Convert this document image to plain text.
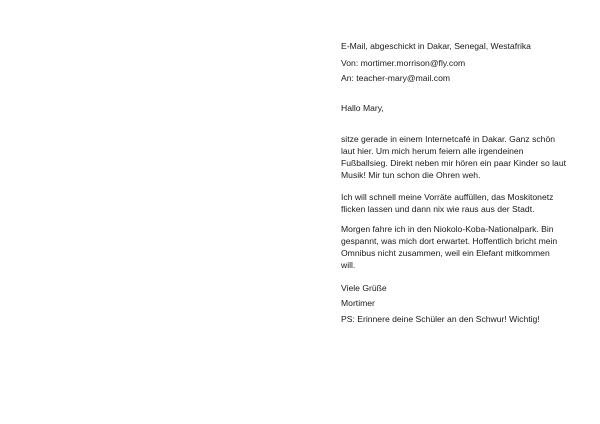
E-Mail, abgeschickt in Dakar, Senegal, Westafrika
Von: mortimer.morrison@fly.com
An: teacher-mary@mail.com
Hallo Mary,
sitze gerade in einem Internetcafé in Dakar. Ganz schön laut hier. Um mich herum feiern alle irgendeinen Fußballsieg. Direkt neben mir hören ein paar Kinder so laut Musik! Mir tun schon die Ohren weh.
Ich will schnell meine Vorräte auffüllen, das Moskitonetz flicken lassen und dann nix wie raus aus der Stadt.
Morgen fahre ich in den Niokolo-Koba-Nationalpark. Bin gespannt, was mich dort erwartet. Hoffentlich bricht mein Omnibus nicht zusammen, weil ein Elefant mitkommen will.
Viele Grüße
Mortimer
PS: Erinnere deine Schüler an den Schwur! Wichtig!
